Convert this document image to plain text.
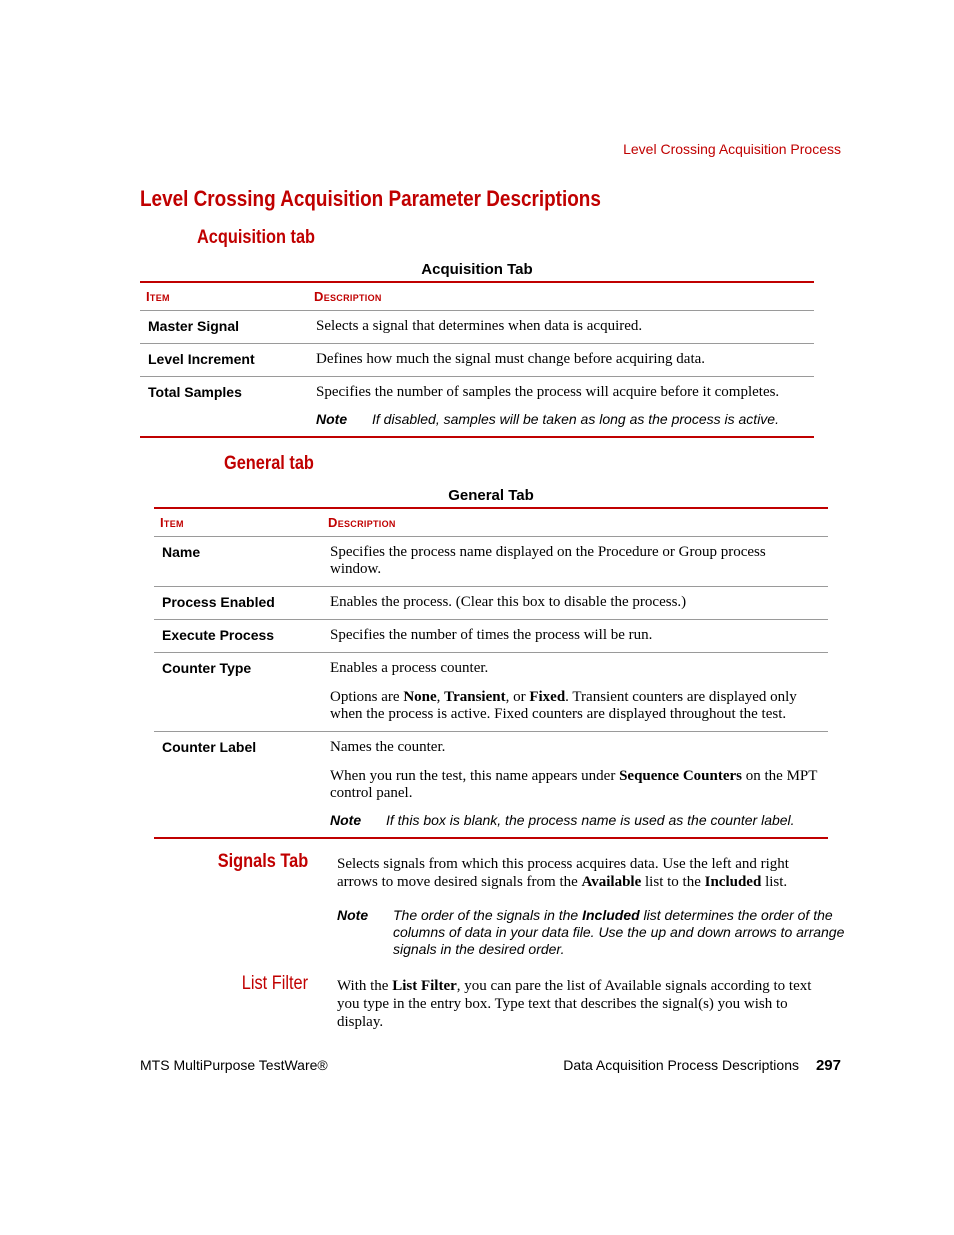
Level Crossing Acquisition Process
Level Crossing Acquisition Parameter Descriptions
Acquisition tab
Acquisition Tab
Item	Description
Master Signal	Selects a signal that determines when data is acquired.

Level Increment	Defines how much the signal must change before acquiring data.

Total Samples	Specifies the number of samples the process will acquire before it completes.

Note If disabled, samples will be taken as long as the process is active.
General tab
General Tab
Item	Description
Name	Specifies the process name displayed on the Procedure or Group process window.

Process Enabled	Enables the process. (Clear this box to disable the process.)

Execute Process	Specifies the number of times the process will be run.

Counter Type	Enables a process counter.

Options are None, Transient, or Fixed. Transient counters are displayed only when the process is active. Fixed counters are displayed throughout the test.

Counter Label	Names the counter.

When you run the test, this name appears under Sequence Counters on the MPT control panel.

Note If this box is blank, the process name is used as the counter label.
Signals Tab Selects signals from which this process acquires data. Use the left and right arrows to move desired signals from the Available list to the Included list.
Note	The order of the signals in the Included list determines the order of the columns of data in your data file. Use the up and down arrows to arrange signals in the desired order.
List Filter With the List Filter, you can pare the list of Available signals according to text you type in the entry box. Type text that describes the signal(s) you wish to display.
MTS MultiPurpose TestWare®	Data Acquisition Process Descriptions 297
